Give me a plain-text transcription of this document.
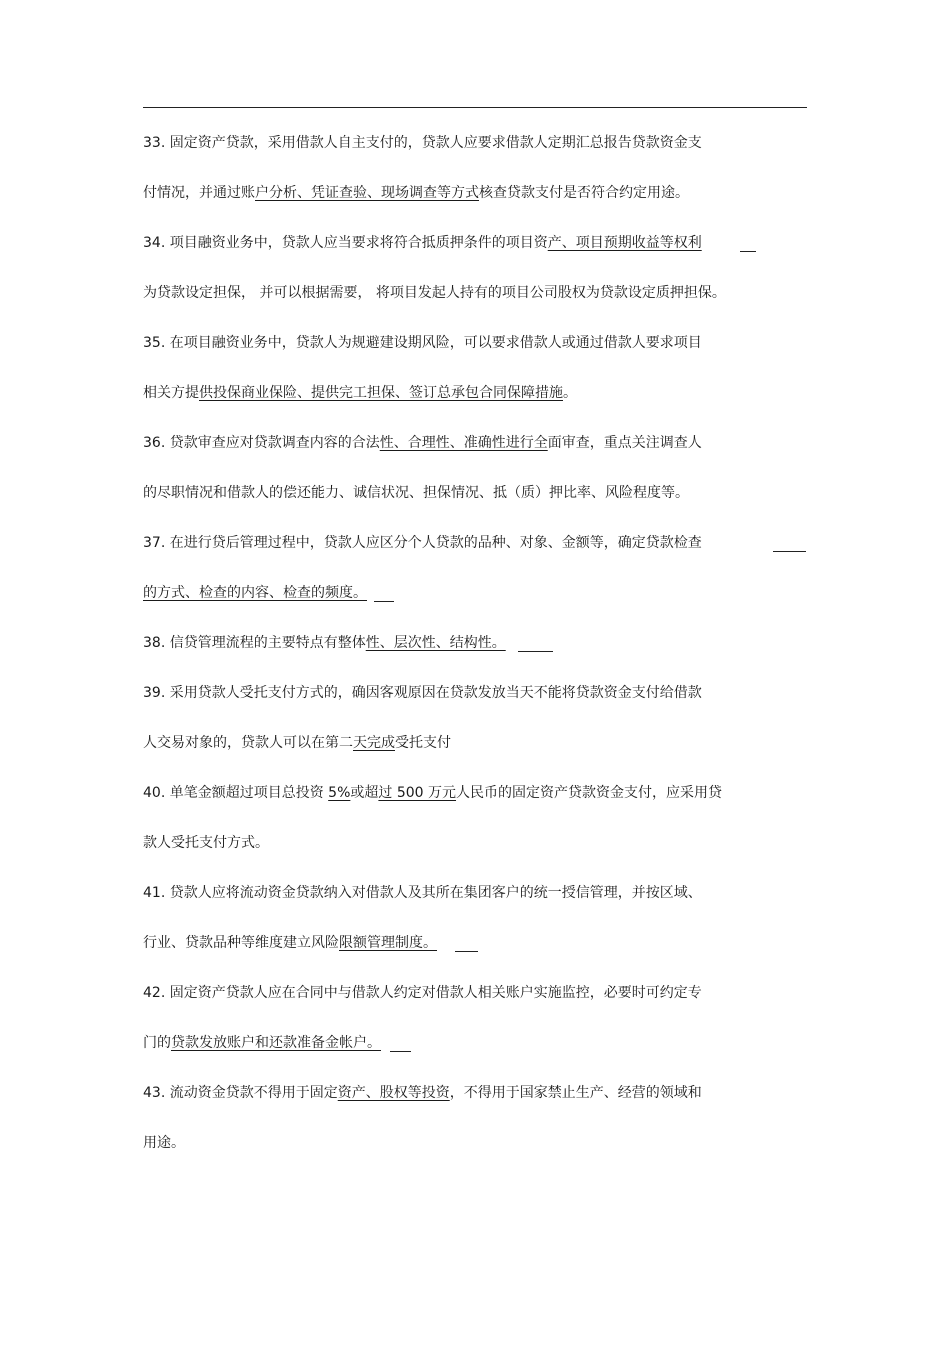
33. 固定资产贷款，采用借款人自主支付的，贷款人应要求借款人定期汇总报告贷款资金支
付情况，并通过账户分析、凭证查验、现场调查等方式核查贷款支付是否符合约定用途。
34. 项目融资业务中，贷款人应当要求将符合抵质押条件的项目资产、项目预期收益等权利
为贷款设定担保， 并可以根据需要， 将项目发起人持有的项目公司股权为贷款设定质押担保。
35. 在项目融资业务中，贷款人为规避建设期风险，可以要求借款人或通过借款人要求项目
相关方提供投保商业保险、提供完工担保、签订总承包合同保障措施。
36. 贷款审查应对贷款调查内容的合法性、合理性、准确性进行全面审查，重点关注调查人
的尽职情况和借款人的偿还能力、诚信状况、担保情况、抵（质）押比率、风险程度等。
37. 在进行贷后管理过程中，贷款人应区分个人贷款的品种、对象、金额等，确定贷款检查
的方式、检查的内容、检查的频度。
38. 信贷管理流程的主要特点有整体性、层次性、结构性。
39. 采用贷款人受托支付方式的，确因客观原因在贷款发放当天不能将贷款资金支付给借款
人交易对象的，贷款人可以在第二天完成受托支付
40. 单笔金额超过项目总投资 5%或超过 500 万元人民币的固定资产贷款资金支付，应采用贷
款人受托支付方式。
41. 贷款人应将流动资金贷款纳入对借款人及其所在集团客户的统一授信管理，并按区域、
行业、贷款品种等维度建立风险限额管理制度。
42. 固定资产贷款人应在合同中与借款人约定对借款人相关账户实施监控，必要时可约定专
门的贷款发放账户和还款准备金帐户。
43. 流动资金贷款不得用于固定资产、股权等投资，不得用于国家禁止生产、经营的领域和
用途。
